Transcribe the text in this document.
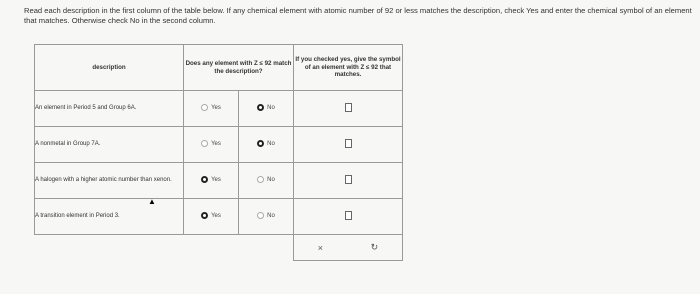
Read each description in the first column of the table below. If any chemical element with atomic number of 92 or less matches the description, check Yes and enter the chemical symbol of an element that matches. Otherwise check No in the second column.
description	Does any element with Z ≤ 92 match the description?		If you checked yes, give the symbol of an element with Z ≤ 92 that matches.
An element in Period 5 and Group 6A.	Yes	No	

A nonmetal in Group 7A.	Yes	No	

A halogen with a higher atomic number than xenon.	Yes	No	

A transition element in Period 3.	Yes	No	

			× ↻
▲
